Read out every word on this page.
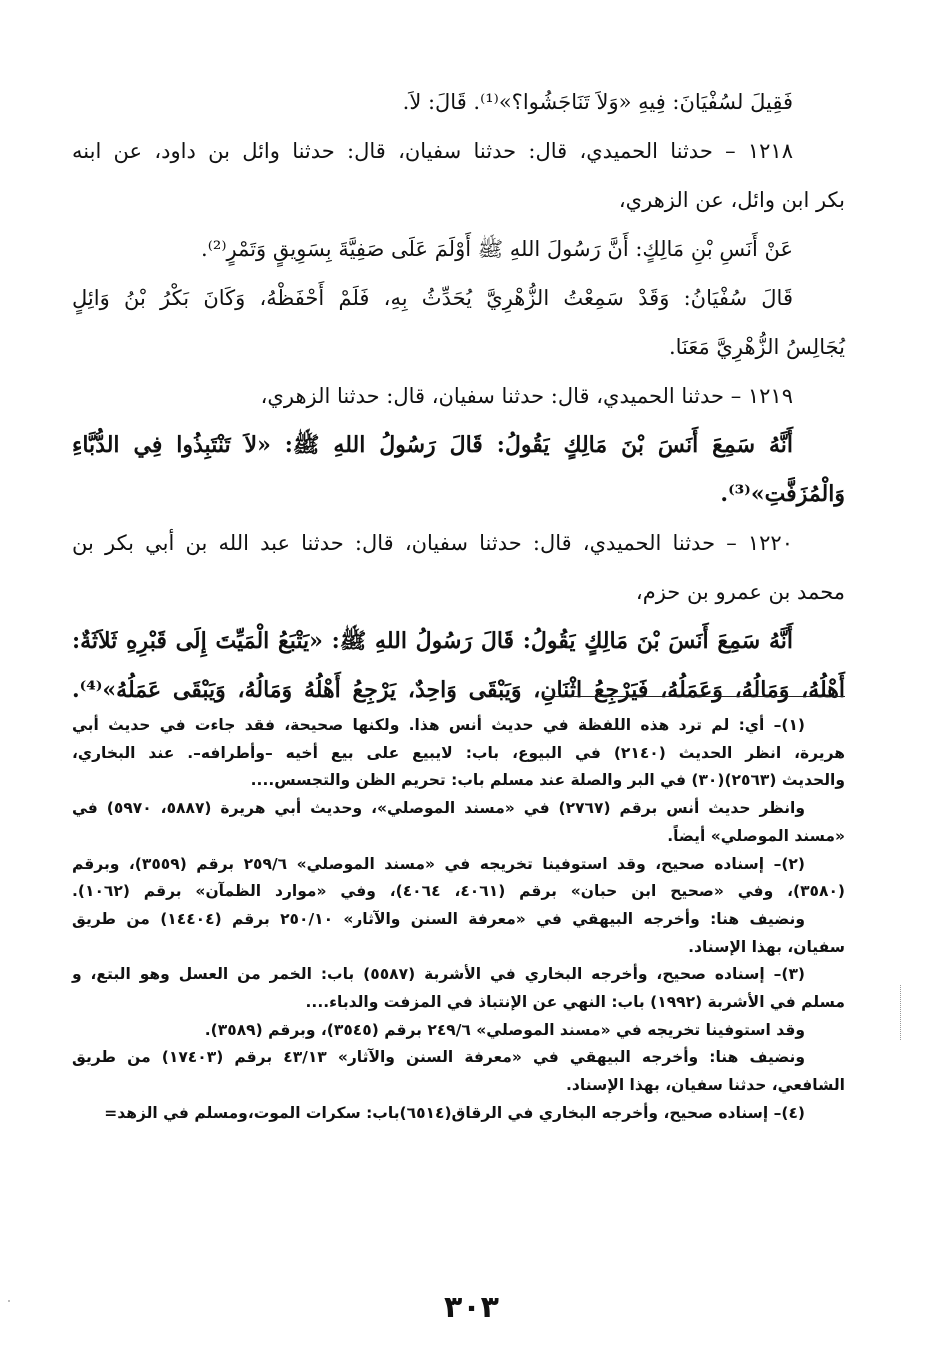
فَقِيلَ لسُفْيَانَ: فِيهِ «وَلاَ تَنَاجَشُوا؟»⁽¹⁾. قَالَ: لاَ.
١٢١٨ – حدثنا الحميدي، قال: حدثنا سفيان، قال: حدثنا وائل بن داود، عن ابنه
بكر ابن وائل، عن الزهري،
عَنْ أَنَسِ بْنِ مَالِكٍ: أَنَّ رَسُولَ اللهِ ﷺ أَوْلَمَ عَلَى صَفِيَّةَ بِسَوِيقٍ وَتَمْرٍ⁽²⁾.
قَالَ سُفْيَانُ: وَقَدْ سَمِعْتُ الزُّهْرِيَّ يُحَدِّثُ بِهِ، فَلَمْ أَحْفَظْهُ، وَكَانَ بَكْرُ بْنُ وَائِلٍ
يُجَالِسُ الزُّهْرِيَّ مَعَنَا.
١٢١٩ – حدثنا الحميدي، قال: حدثنا سفيان، قال: حدثنا الزهري،
أَنَّهُ سَمِعَ أَنَسَ بْنَ مَالِكٍ يَقُولُ: قَالَ رَسُولُ اللهِ ﷺ: «لاَ تَنْتَبِذُوا فِي الدُّبَّاءِ
وَالْمُزَفَّتِ»⁽³⁾.
١٢٢٠ – حدثنا الحميدي، قال: حدثنا سفيان، قال: حدثنا عبد الله بن أبي بكر بن
محمد بن عمرو بن حزم،
أَنَّهُ سَمِعَ أَنَسَ بْنَ مَالِكٍ يَقُولُ: قَالَ رَسُولُ اللهِ ﷺ: «يَتْبَعُ الْمَيِّتَ إِلَى قَبْرِهِ ثَلاَثَةٌ:
أَهْلُهُ، وَمَالُهُ، وَعَمَلُهُ، فَيَرْجِعُ اثْنَانِ، وَيَبْقَى وَاحِدٌ، يَرْجِعُ أَهْلُهُ وَمَالُهُ، وَيَبْقَى عَمَلُهُ»⁽⁴⁾.
(١)– أي: لم ترد هذه اللفظة في حديث أنس هذا. ولكنها صحيحة، فقد جاءت في حديث أبي
هريرة، انظر الحديث (٢١٤٠) في البيوع، باب: لايبيع على بيع أخيه –وأطرافه–. عند البخاري،
والحديث (٢٥٦٣)(٣٠) في البر والصلة عند مسلم باب: تحريم الظن والتجسس....
وانظر حديث أنس برقم (٢٧٦٧) في «مسند الموصلي»، وحديث أبي هريرة (٥٨٨٧، ٥٩٧٠) في
«مسند الموصلي» أيضاً.
(٢)– إسناده صحيح، وقد استوفينا تخريجه في «مسند الموصلي» ٢٥٩/٦ برقم (٣٥٥٩)، وبرقم
(٣٥٨٠)، وفي «صحيح ابن حبان» برقم (٤٠٦١، ٤٠٦٤)، وفي «موارد الظمآن» برقم (١٠٦٢).
ونضيف هنا: وأخرجه البيهقي في «معرفة السنن والآثار» ٢٥٠/١٠ برقم (١٤٤٠٤) من طريق
سفيان، بهذا الإسناد.
(٣)– إسناده صحيح، وأخرجه البخاري في الأشربة (٥٥٨٧) باب: الخمر من العسل وهو البتع، و
مسلم في الأشربة (١٩٩٢) باب: النهي عن الإنتباذ في المزفت والدباء....
وقد استوفينا تخريجه في «مسند الموصلي» ٢٤٩/٦ برقم (٣٥٤٥)، وبرقم (٣٥٨٩).
ونضيف هنا: وأخرجه البيهقي في «معرفة السنن والآثار» ٤٣/١٣ برقم (١٧٤٠٣) من طريق
الشافعي، حدثنا سفيان، بهذا الإسناد.
(٤)– إسناده صحيح، وأخرجه البخاري في الرقاق(٦٥١٤)باب: سكرات الموت،ومسلم في الزهد=
٣٠٣
